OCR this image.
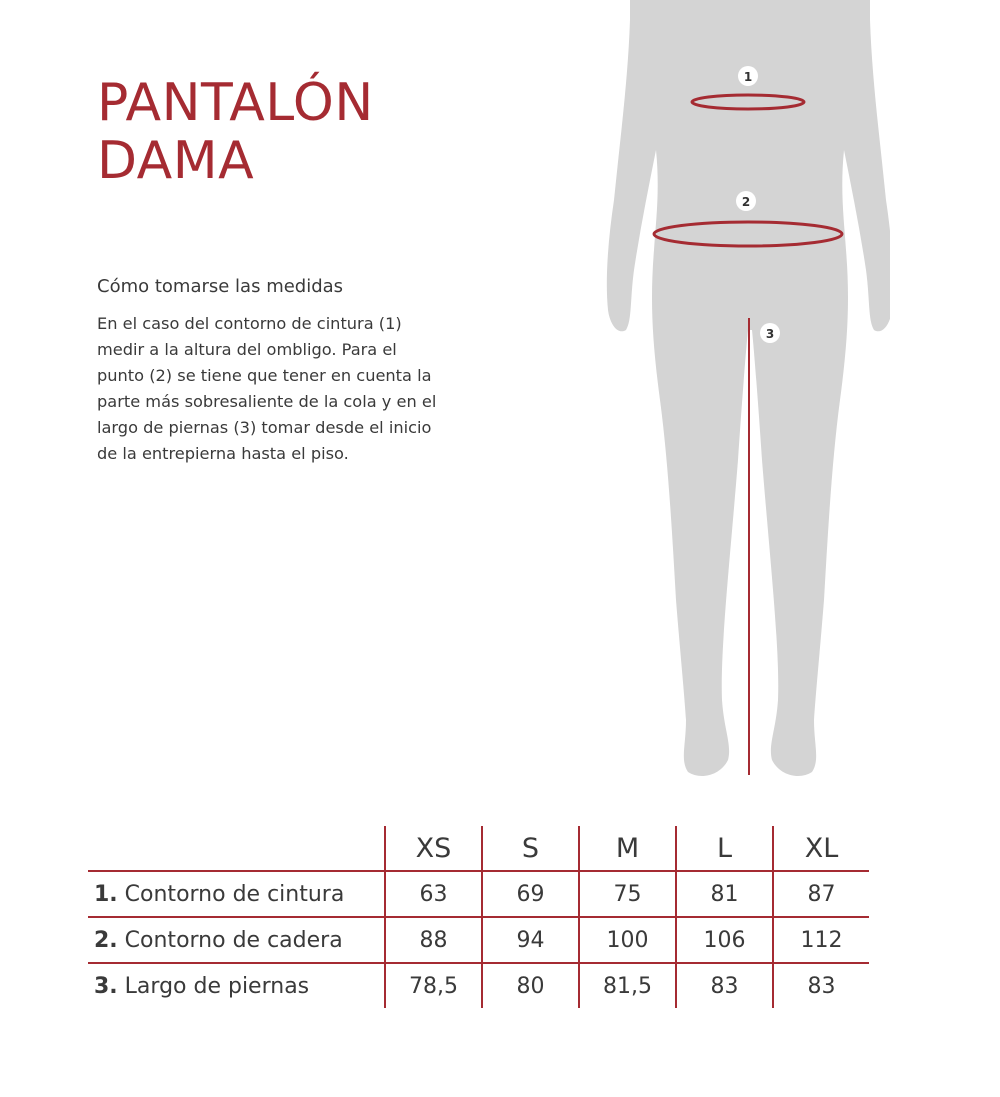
PANTALÓN
DAMA
Cómo tomarse las medidas
En el caso del contorno de cintura (1)
medir a la altura del ombligo. Para el
punto (2) se tiene que tener en cuenta la
parte más sobresaliente de la cola y en el
largo de piernas (3) tomar desde el inicio
de la entrepierna hasta el piso.
1
2
3
	XS	S	M	L	XL
1. Contorno de cintura	63	69	75	81	87
2. Contorno de cadera	88	94	100	106	112
3. Largo de piernas	78,5	80	81,5	83	83
